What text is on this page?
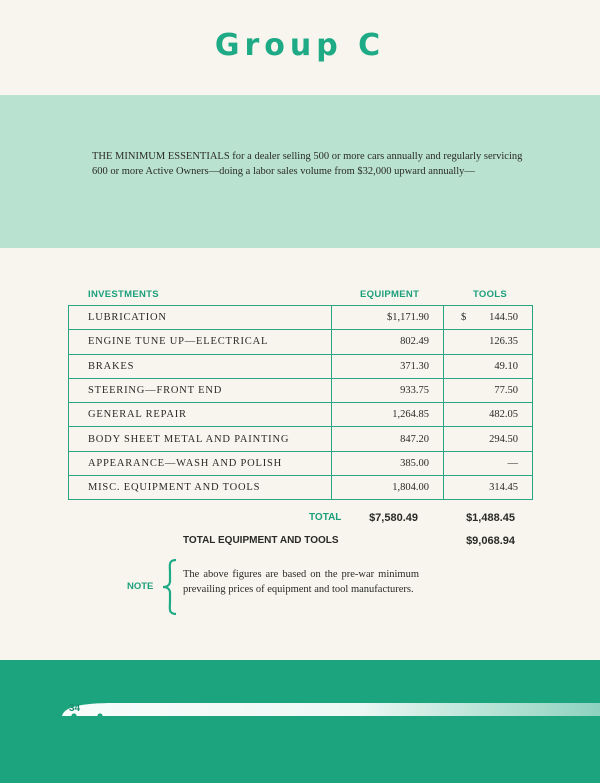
Group C
THE MINIMUM ESSENTIALS for a dealer selling 500 or more cars annually and regularly servicing 600 or more Active Owners—doing a labor sales volume from $32,000 upward annually—
INVESTMENTS	EQUIPMENT	TOOLS
LUBRICATION	$1,171.90	$ 144.50
ENGINE TUNE UP—ELECTRICAL	802.49	126.35
BRAKES	371.30	49.10
STEERING—FRONT END	933.75	77.50
GENERAL REPAIR	1,264.85	482.05
BODY SHEET METAL AND PAINTING	847.20	294.50
APPEARANCE—WASH AND POLISH	385.00	—
MISC. EQUIPMENT AND TOOLS	1,804.00	314.45
TOTAL	$7,580.49	$1,488.45
TOTAL EQUIPMENT AND TOOLS	$9,068.94
NOTE
The above figures are based on the pre-war minimum prevailing prices of equipment and tool manufacturers.
34
